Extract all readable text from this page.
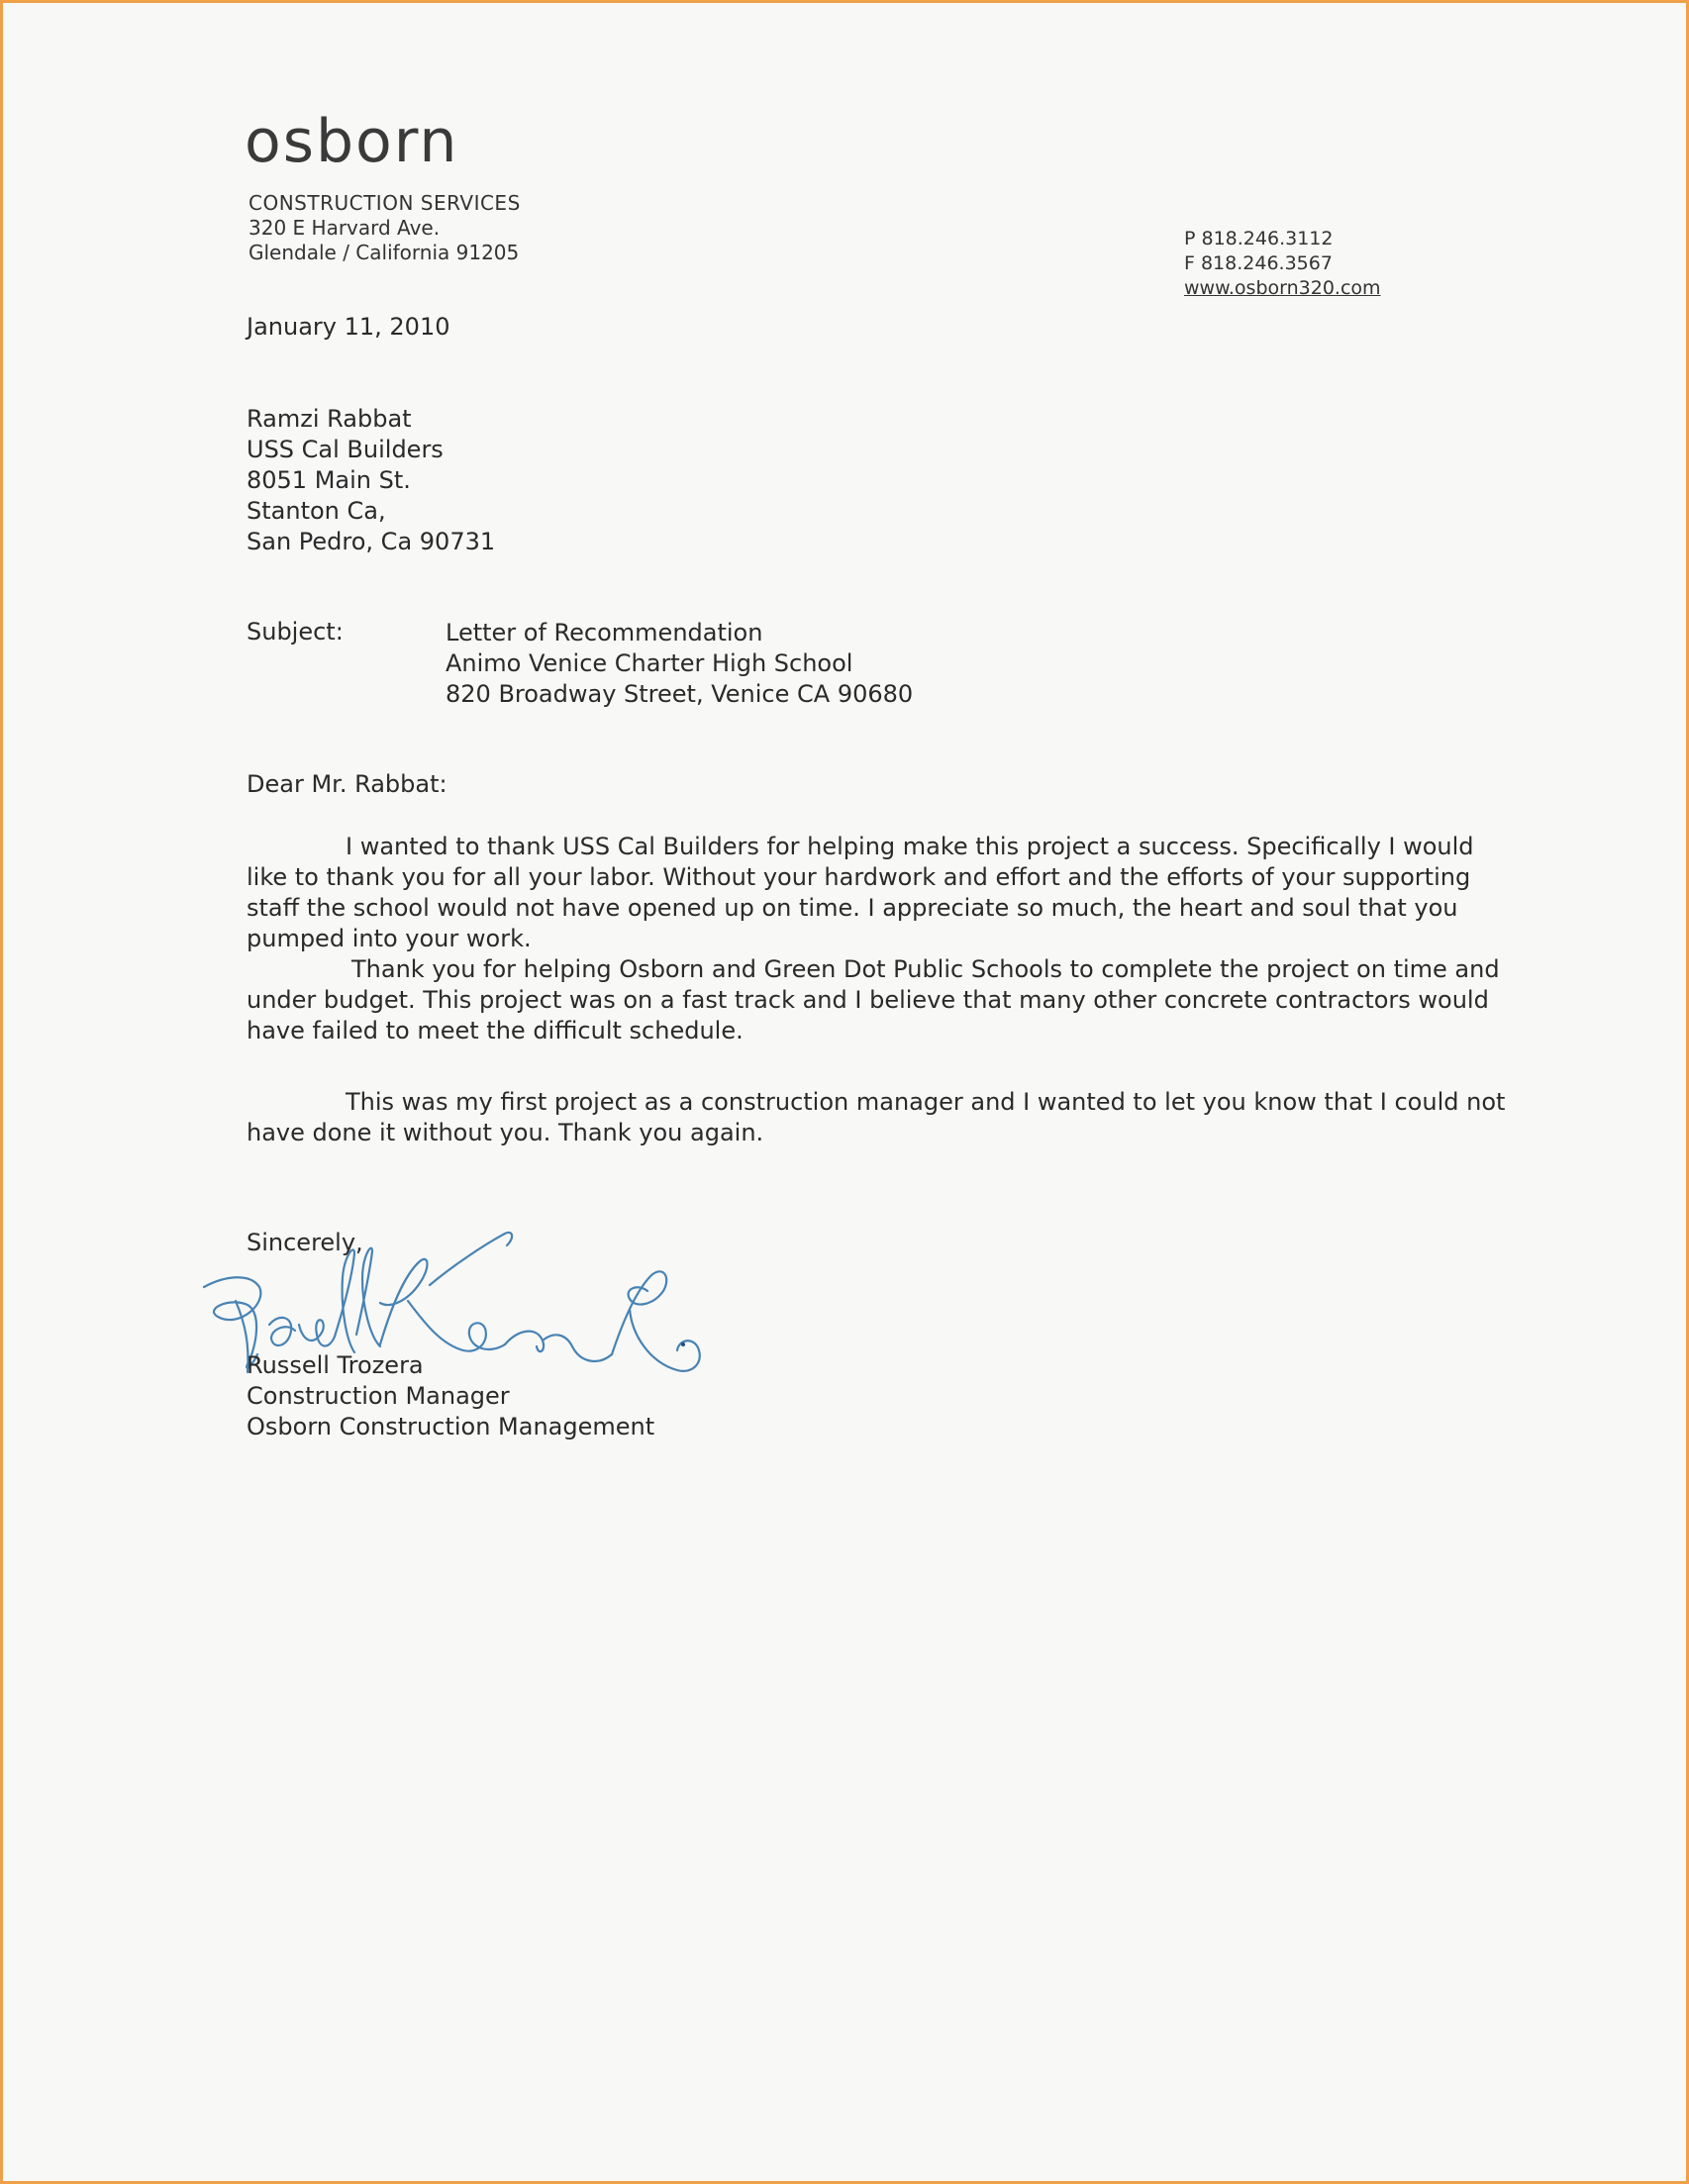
osborn
CONSTRUCTION SERVICES
320 E Harvard Ave.
Glendale / California 91205
P 818.246.3112
F 818.246.3567
www.osborn320.com
January 11, 2010
Ramzi Rabbat
USS Cal Builders
8051 Main St.
Stanton Ca,
San Pedro, Ca 90731
Subject:	Letter of Recommendation
Animo Venice Charter High School
820 Broadway Street, Venice CA 90680
Dear Mr. Rabbat:
I wanted to thank USS Cal Builders for helping make this project a success. Specifically I would
like to thank you for all your labor. Without your hardwork and effort and the efforts of your supporting
staff the school would not have opened up on time. I appreciate so much, the heart and soul that you
pumped into your work.
Thank you for helping Osborn and Green Dot Public Schools to complete the project on time and
under budget. This project was on a fast track and I believe that many other concrete contractors would
have failed to meet the difficult schedule.
This was my first project as a construction manager and I wanted to let you know that I could not
have done it without you. Thank you again.
Sincerely,
Russell Trozera
Construction Manager
Osborn Construction Management
